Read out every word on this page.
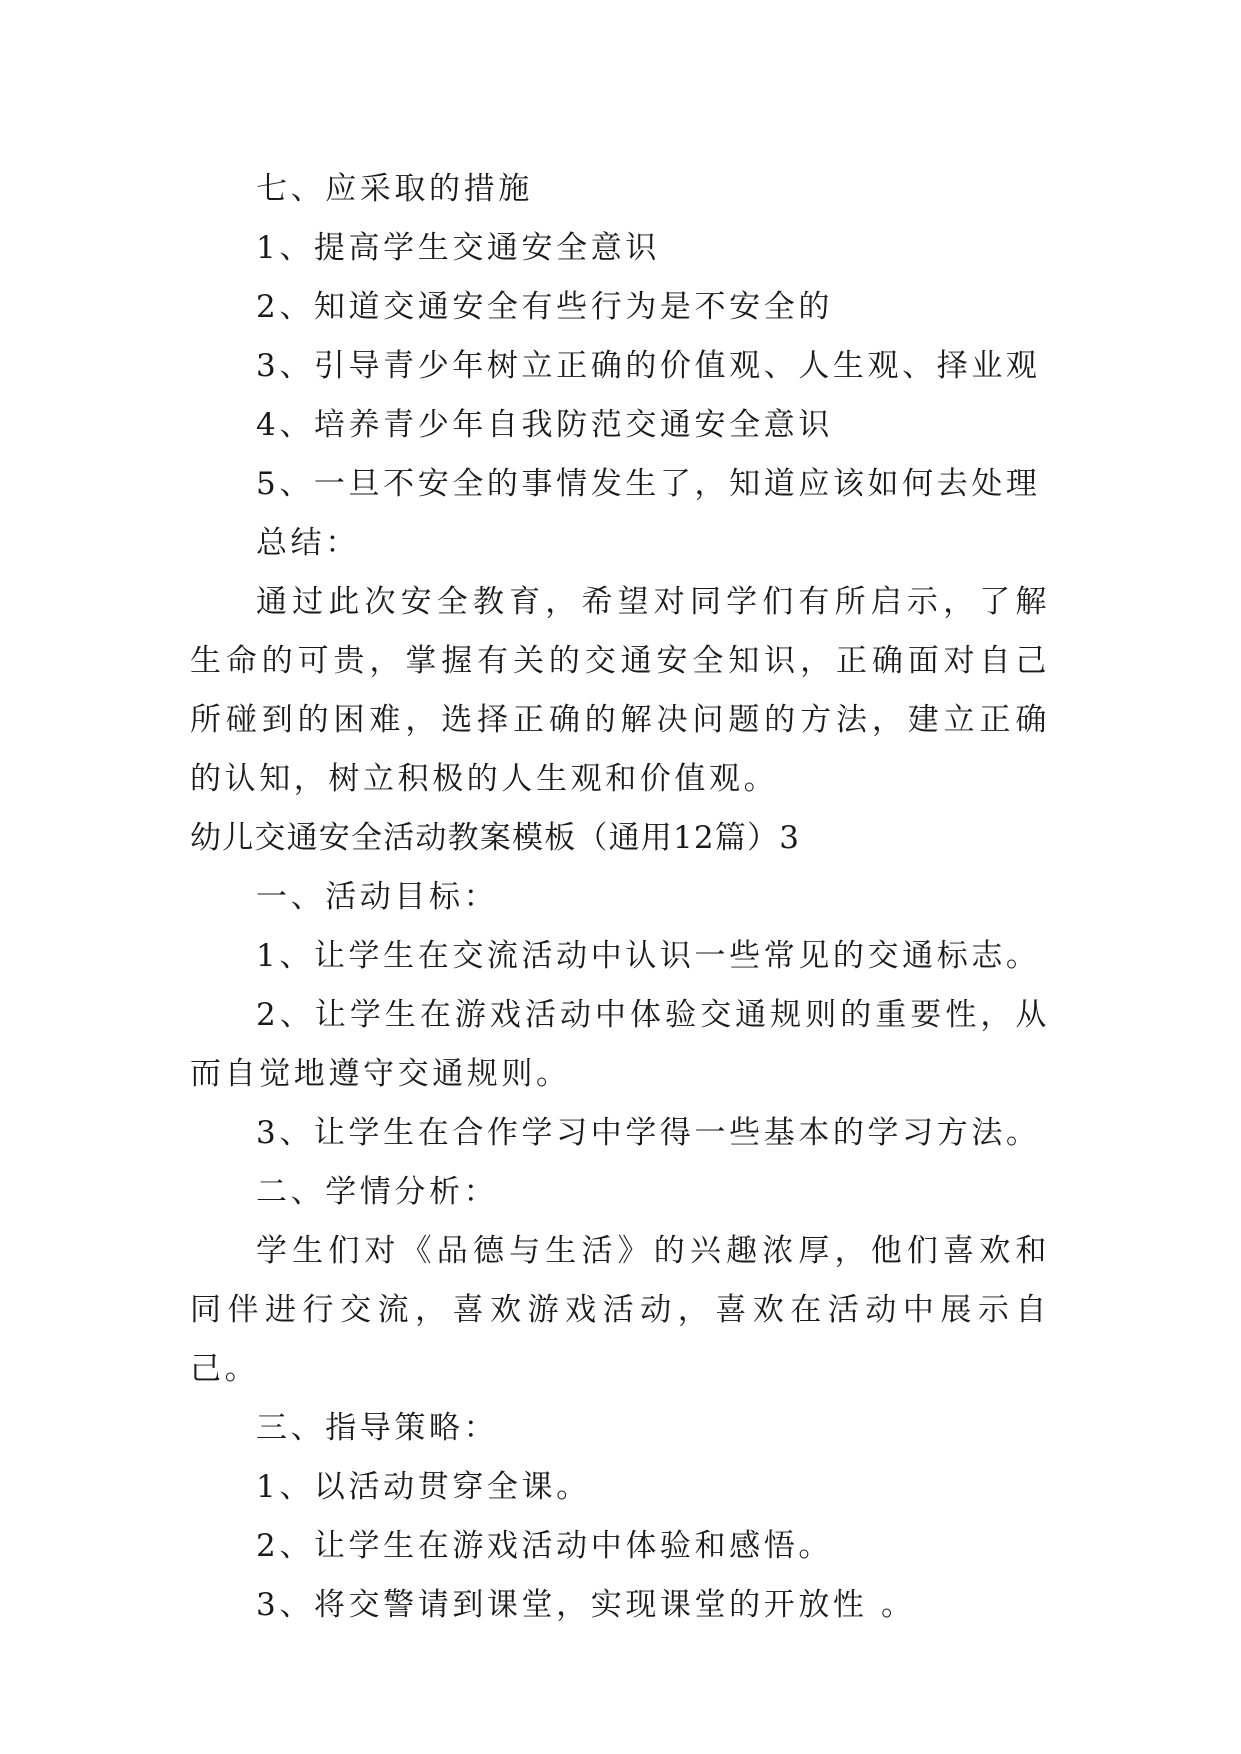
七、应采取的措施

1、提高学生交通安全意识

2、知道交通安全有些行为是不安全的

3、引导青少年树立正确的价值观、人生观、择业观

4、培养青少年自我防范交通安全意识

5、一旦不安全的事情发生了，知道应该如何去处理

总结：

通过此次安全教育，希望对同学们有所启示，了解生命的可贵，掌握有关的交通安全知识，正确面对自己所碰到的困难，选择正确的解决问题的方法，建立正确的认知，树立积极的人生观和价值观。

幼儿交通安全活动教案模板（通用12篇）3

一、活动目标：

1、让学生在交流活动中认识一些常见的交通标志。

2、让学生在游戏活动中体验交通规则的重要性，从而自觉地遵守交通规则。

3、让学生在合作学习中学得一些基本的学习方法。

二、学情分析：

学生们对《品德与生活》的兴趣浓厚，他们喜欢和同伴进行交流，喜欢游戏活动，喜欢在活动中展示自己。

三、指导策略：

1、以活动贯穿全课。

2、让学生在游戏活动中体验和感悟。

3、将交警请到课堂，实现课堂的开放性 。
